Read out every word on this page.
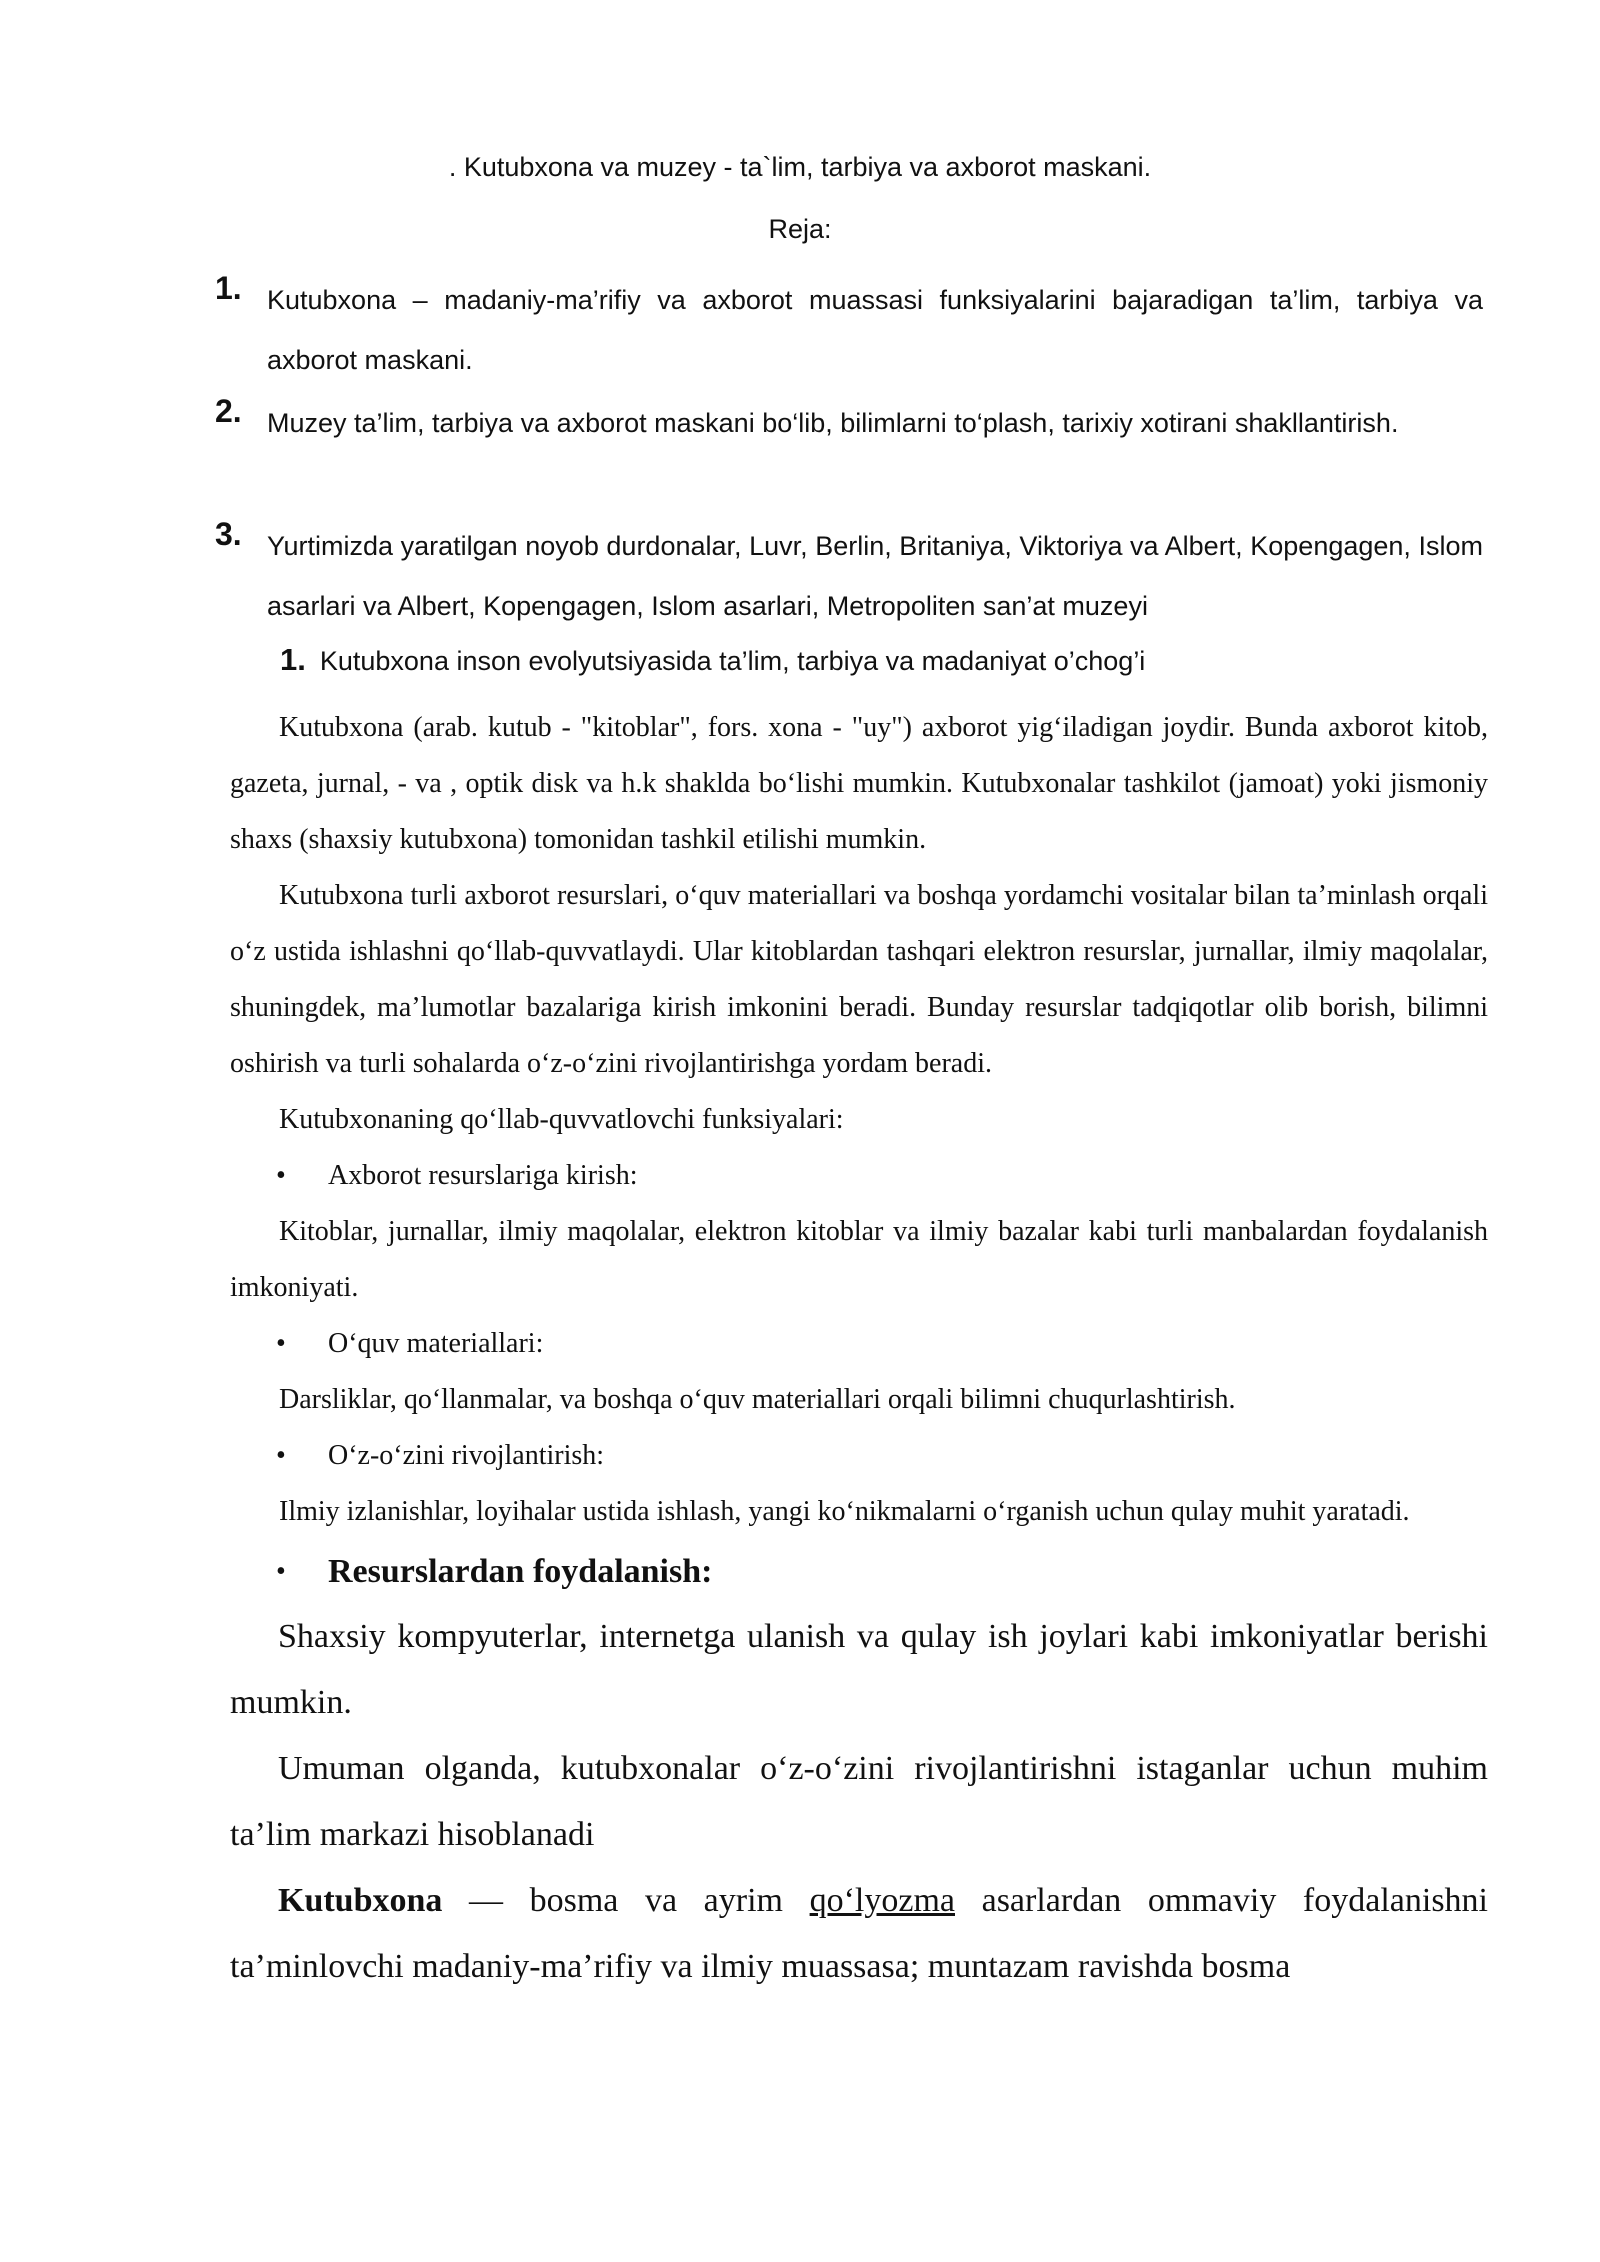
. Kutubxona va muzey - ta`lim, tarbiya va axborot maskani.
Reja:
1. Kutubxona – madaniy-ma’rifiy va axborot muassasi funksiyalarini bajaradigan ta’lim, tarbiya va axborot maskani.
2. Muzey ta’lim, tarbiya va axborot maskani bo‘lib, bilimlarni to‘plash, tarixiy xotirani shakllantirish.
3. Yurtimizda yaratilgan noyob durdonalar, Luvr, Berlin, Britaniya, Viktoriya va Albert, Kopengagen, Islom asarlari va Albert, Kopengagen, Islom asarlari, Metropoliten san’at muzeyi
1. Kutubxona inson evolyutsiyasida ta’lim, tarbiya va madaniyat o’chog’i

Kutubxona (arab. kutub - "kitoblar", fors. xona - "uy") axborot yig‘iladigan joydir. Bunda axborot kitob, gazeta, jurnal, - va , optik disk va h.k shaklda bo‘lishi mumkin. Kutubxonalar tashkilot (jamoat) yoki jismoniy shaxs (shaxsiy kutubxona) tomonidan tashkil etilishi mumkin.

Kutubxona turli axborot resurslari, o‘quv materiallari va boshqa yordamchi vositalar bilan ta’minlash orqali o‘z ustida ishlashni qo‘llab-quvvatlaydi. Ular kitoblardan tashqari elektron resurslar, jurnallar, ilmiy maqolalar, shuningdek, ma’lumotlar bazalariga kirish imkonini beradi. Bunday resurslar tadqiqotlar olib borish, bilimni oshirish va turli sohalarda o‘z-o‘zini rivojlantirishga yordam beradi.

Kutubxonaning qo‘llab-quvvatlovchi funksiyalari:

•	Axborot resurslariga kirish:

Kitoblar, jurnallar, ilmiy maqolalar, elektron kitoblar va ilmiy bazalar kabi turli manbalardan foydalanish imkoniyati.

•	O‘quv materiallari:

Darsliklar, qo‘llanmalar, va boshqa o‘quv materiallari orqali bilimni chuqurlashtirish.

•	O‘z-o‘zini rivojlantirish:

Ilmiy izlanishlar, loyihalar ustida ishlash, yangi ko‘nikmalarni o‘rganish uchun qulay muhit yaratadi.

•	Resurslardan foydalanish:

Shaxsiy kompyuterlar, internetga ulanish va qulay ish joylari kabi imkoniyatlar berishi mumkin.

Umuman olganda, kutubxonalar o‘z-o‘zini rivojlantirishni istaganlar uchun muhim ta’lim markazi hisoblanadi

Kutubxona — bosma va ayrim qo‘lyozma asarlardan ommaviy foydalanishni ta’minlovchi madaniy-ma’rifiy va ilmiy muassasa; muntazam ravishda bosma
